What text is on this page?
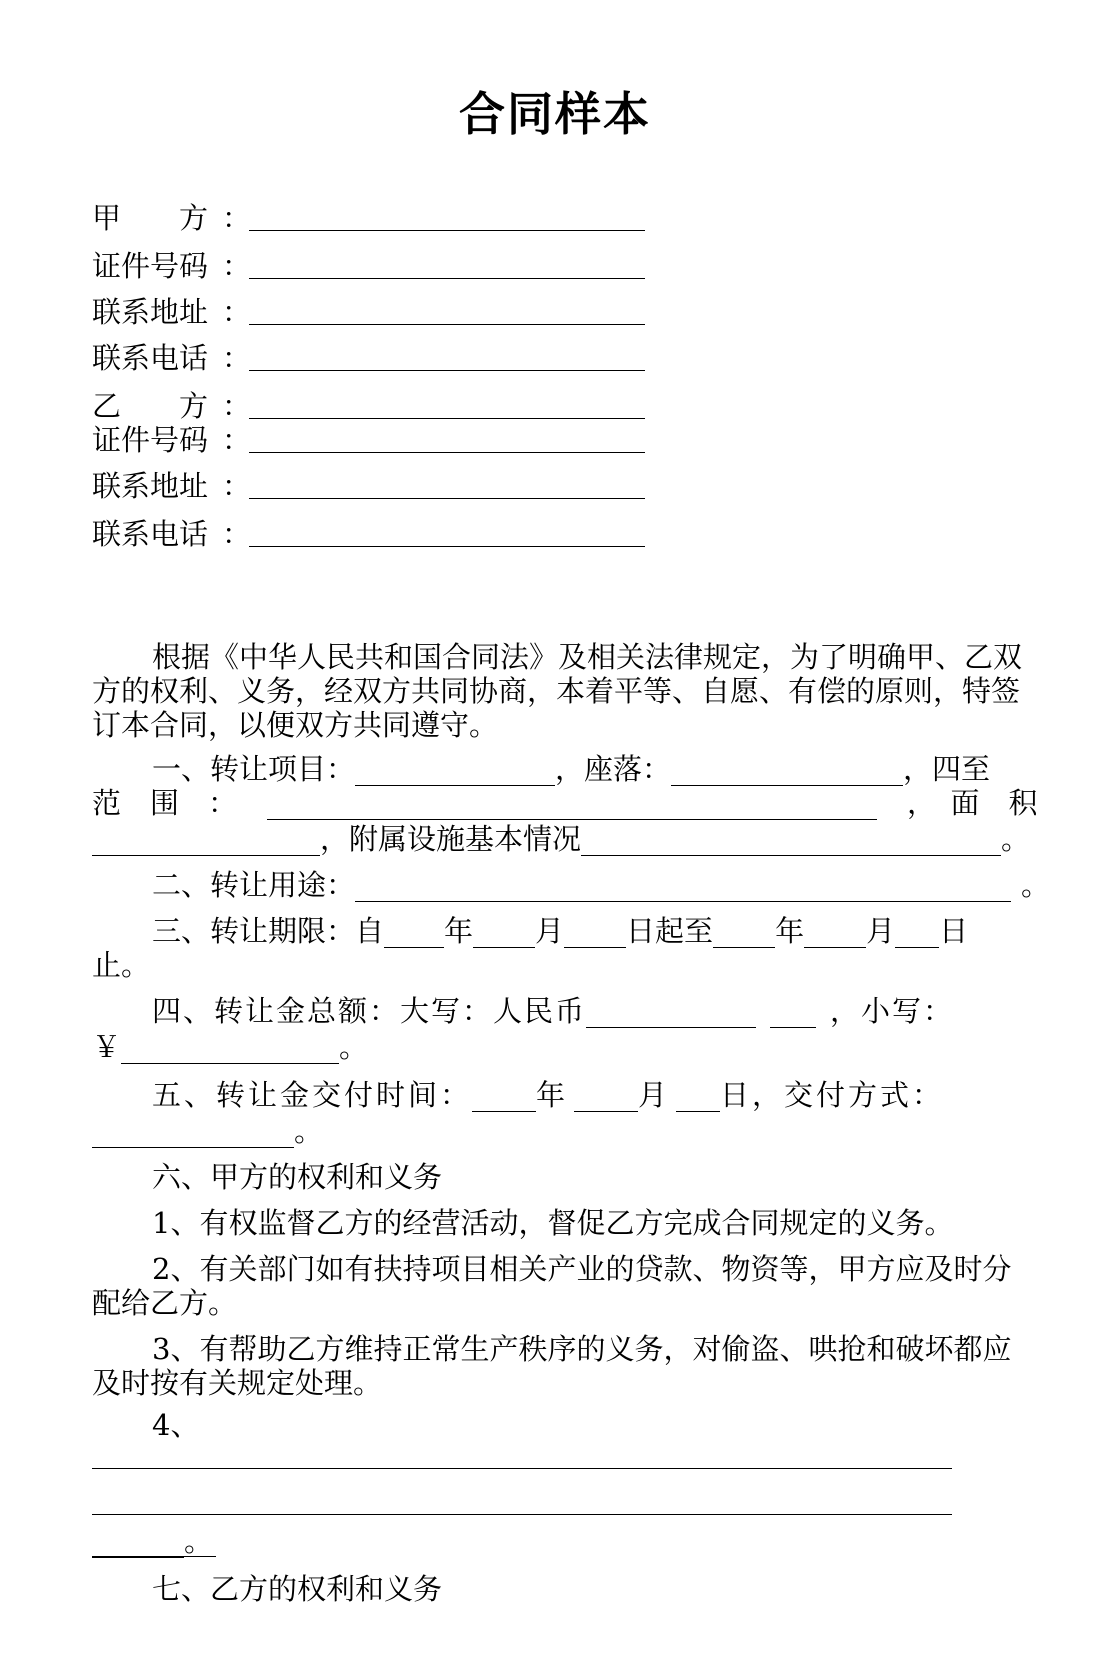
合同样本
甲　　方 ：
证件号码 ：
联系地址 ：
联系电话 ：
乙　　方 ：
证件号码 ：
联系地址 ：
联系电话 ：
根据《中华人民共和国合同法》及相关法律规定，为了明确甲、乙双方的权利、义务，经双方共同协商，本着平等、自愿、有偿的原则，特签订本合同，以便双方共同遵守。
一、转让项目：	，座落：	，四至
范　围　：	，　面　积
，附属设施基本情况	。
二、转让用途：	。
三、转让期限：自 年 月 日起至 年 月 日
止。
四、转让金总额：大写：人民币	，小写：
￥	。
五、转让金交付时间： 年 月 日，交付方式：
。
六、甲方的权利和义务
1、有权监督乙方的经营活动，督促乙方完成合同规定的义务。
2、有关部门如有扶持项目相关产业的贷款、物资等，甲方应及时分配给乙方。
3、有帮助乙方维持正常生产秩序的义务，对偷盗、哄抢和破坏都应及时按有关规定处理。
4、
。
七、乙方的权利和义务
